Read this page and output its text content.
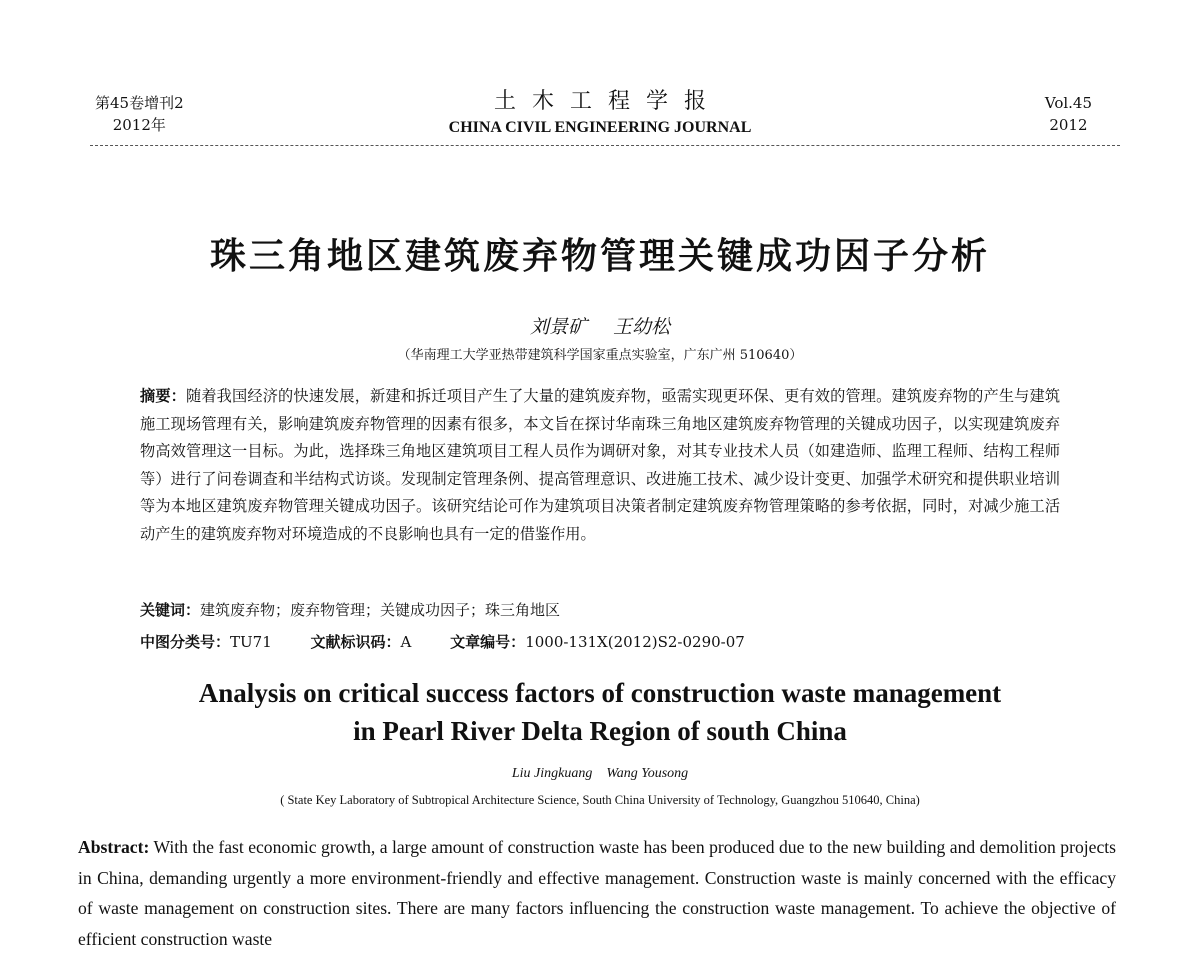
第45卷增刊2
2012年
土木工程学报
CHINA CIVIL ENGINEERING JOURNAL
Vol.45
2012
珠三角地区建筑废弃物管理关键成功因子分析
刘景矿 王幼松
（华南理工大学亚热带建筑科学国家重点实验室，广东广州 510640）
摘要：随着我国经济的快速发展，新建和拆迁项目产生了大量的建筑废弃物，亟需实现更环保、更有效的管理。建筑废弃物的产生与建筑施工现场管理有关，影响建筑废弃物管理的因素有很多，本文旨在探讨华南珠三角地区建筑废弃物管理的关键成功因子，以实现建筑废弃物高效管理这一目标。为此，选择珠三角地区建筑项目工程人员作为调研对象，对其专业技术人员（如建造师、监理工程师、结构工程师等）进行了问卷调查和半结构式访谈。发现制定管理条例、提高管理意识、改进施工技术、减少设计变更、加强学术研究和提供职业培训等为本地区建筑废弃物管理关键成功因子。该研究结论可作为建筑项目决策者制定建筑废弃物管理策略的参考依据，同时，对减少施工活动产生的建筑废弃物对环境造成的不良影响也具有一定的借鉴作用。
关键词：建筑废弃物；废弃物管理；关键成功因子；珠三角地区
中图分类号：TU71	文献标识码：A	文章编号：1000-131X(2012)S2-0290-07
Analysis on critical success factors of construction waste management
in Pearl River Delta Region of south China
Liu Jingkuang Wang Yousong
( State Key Laboratory of Subtropical Architecture Science, South China University of Technology, Guangzhou 510640, China)
Abstract: With the fast economic growth, a large amount of construction waste has been produced due to the new building and demolition projects in China, demanding urgently a more environment-friendly and effective management. Construction waste is mainly concerned with the efficacy of waste management on construction sites. There are many factors influencing the construction waste management. To achieve the objective of efficient construction waste
